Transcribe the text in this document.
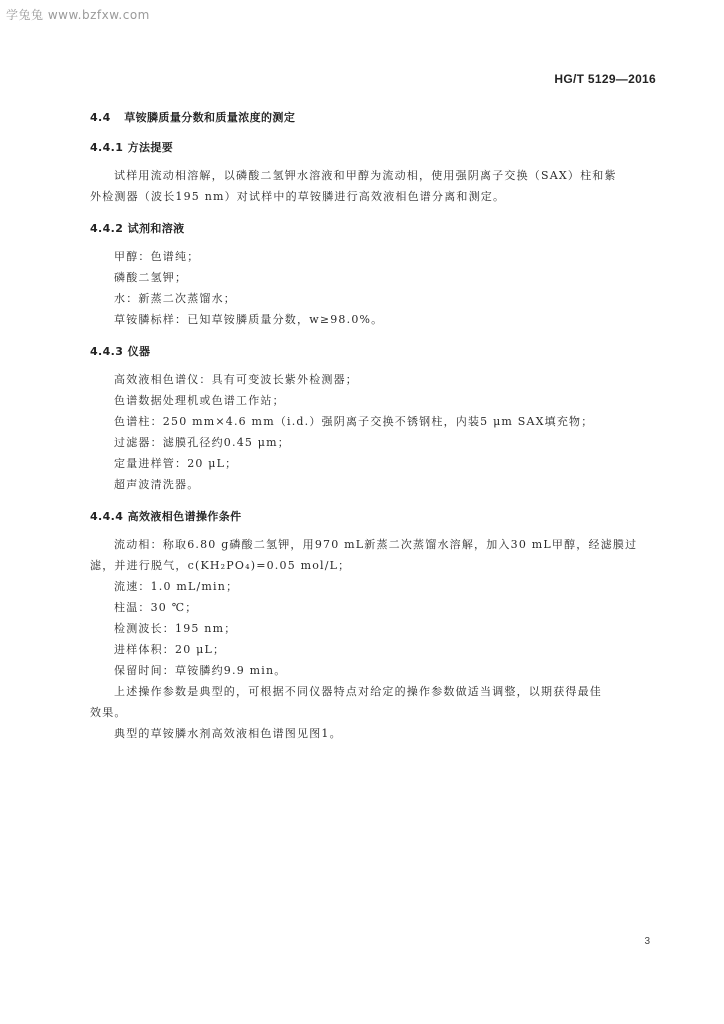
学兔兔 www.bzfxw.com
HG/T 5129—2016
4.4 草铵膦质量分数和质量浓度的测定
4.4.1 方法提要

试样用流动相溶解，以磷酸二氢钾水溶液和甲醇为流动相，使用强阴离子交换（SAX）柱和紫

外检测器（波长195 nm）对试样中的草铵膦进行高效液相色谱分离和测定。

4.4.2 试剂和溶液

甲醇：色谱纯；

磷酸二氢钾；

水：新蒸二次蒸馏水；

草铵膦标样：已知草铵膦质量分数，w≥98.0%。

4.4.3 仪器

高效液相色谱仪：具有可变波长紫外检测器；

色谱数据处理机或色谱工作站；

色谱柱：250 mm×4.6 mm（i.d.）强阴离子交换不锈钢柱，内装5 μm SAX填充物；

过滤器：滤膜孔径约0.45 μm；

定量进样管：20 μL；

超声波清洗器。

4.4.4 高效液相色谱操作条件

流动相：称取6.80 g磷酸二氢钾，用970 mL新蒸二次蒸馏水溶解，加入30 mL甲醇，经滤膜过

滤，并进行脱气，c(KH₂PO₄)=0.05 mol/L；

流速：1.0 mL/min；

柱温：30 ℃；

检测波长：195 nm；

进样体积：20 μL；

保留时间：草铵膦约9.9 min。

上述操作参数是典型的，可根据不同仪器特点对给定的操作参数做适当调整，以期获得最佳

效果。

典型的草铵膦水剂高效液相色谱图见图1。

3
